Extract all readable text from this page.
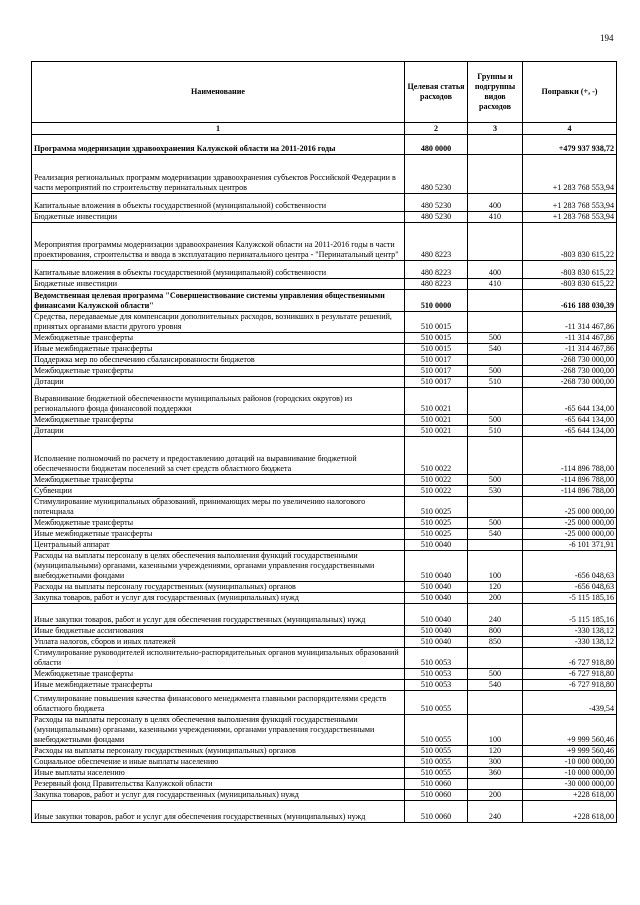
194
Наименование	Целевая статья расходов	Группы и подгруппы видов расходов	Поправки (+, -)
1	2	3	4
Программа модернизации здравоохранения Калужской области на 2011-2016 годы	480 0000		+479 937 938,72
Реализация региональных программ модернизации здравоохранения субъектов Российской Федерации в части мероприятий по строительству перинатальных центров	480 5230		+1 283 768 553,94
Капитальные вложения в объекты государственной (муниципальной) собственности	480 5230	400	+1 283 768 553,94
Бюджетные инвестиции	480 5230	410	+1 283 768 553,94
Мероприятия программы модернизации здравоохранения Калужской области на 2011-2016 годы в части проектирования, строительства и ввода в эксплуатацию перинатального центра - "Перинатальный центр"	480 8223		-803 830 615,22
Капитальные вложения в объекты государственной (муниципальной) собственности	480 8223	400	-803 830 615,22
Бюджетные инвестиции	480 8223	410	-803 830 615,22
Ведомственная целевая программа "Совершенствование системы управления общественными финансами Калужской области"	510 0000		-616 188 030,39
Средства, передаваемые для компенсации дополнительных расходов, возникших в результате решений, принятых органами власти другого уровня	510 0015		-11 314 467,86
Межбюджетные трансферты	510 0015	500	-11 314 467,86
Иные межбюджетные трансферты	510 0015	540	-11 314 467,86
Поддержка мер по обеспечению сбалансированности бюджетов	510 0017		-268 730 000,00
Межбюджетные трансферты	510 0017	500	-268 730 000,00
Дотации	510 0017	510	-268 730 000,00
Выравнивание бюджетной обеспеченности муниципальных районов (городских округов) из регионального фонда финансовой поддержки	510 0021		-65 644 134,00
Межбюджетные трансферты	510 0021	500	-65 644 134,00
Дотации	510 0021	510	-65 644 134,00
Исполнение полномочий по расчету и предоставлению дотаций на выравнивание бюджетной обеспеченности бюджетам поселений за счет средств областного бюджета	510 0022		-114 896 788,00
Межбюджетные трансферты	510 0022	500	-114 896 788,00
Субвенции	510 0022	530	-114 896 788,00
Стимулирование муниципальных образований, принимающих меры по увеличению налогового потенциала	510 0025		-25 000 000,00
Межбюджетные трансферты	510 0025	500	-25 000 000,00
Иные межбюджетные трансферты	510 0025	540	-25 000 000,00
Центральный аппарат	510 0040		-6 101 371,91
Расходы на выплаты персоналу в целях обеспечения выполнения функций государственными (муниципальными) органами, казенными учреждениями, органами управления государственными внебюджетными фондами	510 0040	100	-656 048,63
Расходы на выплаты персоналу государственных (муниципальных) органов	510 0040	120	-656 048,63
Закупка товаров, работ и услуг для государственных (муниципальных) нужд	510 0040	200	-5 115 185,16
Иные закупки товаров, работ и услуг для обеспечения государственных (муниципальных) нужд	510 0040	240	-5 115 185,16
Иные бюджетные ассигнования	510 0040	800	-330 138,12
Уплата налогов, сборов и иных платежей	510 0040	850	-330 138,12
Стимулирование руководителей исполнительно-распорядительных органов муниципальных образований области	510 0053		-6 727 918,80
Межбюджетные трансферты	510 0053	500	-6 727 918,80
Иные межбюджетные трансферты	510 0053	540	-6 727 918,80
Стимулирование повышения качества финансового менеджмента главными распорядителями средств областного бюджета	510 0055		-439,54
Расходы на выплаты персоналу в целях обеспечения выполнения функций государственными (муниципальными) органами, казенными учреждениями, органами управления государственными внебюджетными фондами	510 0055	100	+9 999 560,46
Расходы на выплаты персоналу государственных (муниципальных) органов	510 0055	120	+9 999 560,46
Социальное обеспечение и иные выплаты населению	510 0055	300	-10 000 000,00
Иные выплаты населению	510 0055	360	-10 000 000,00
Резервный фонд Правительства Калужской области	510 0060		-30 000 000,00
Закупка товаров, работ и услуг для государственных (муниципальных) нужд	510 0060	200	+228 618,00
Иные закупки товаров, работ и услуг для обеспечения государственных (муниципальных) нужд	510 0060	240	+228 618,00
